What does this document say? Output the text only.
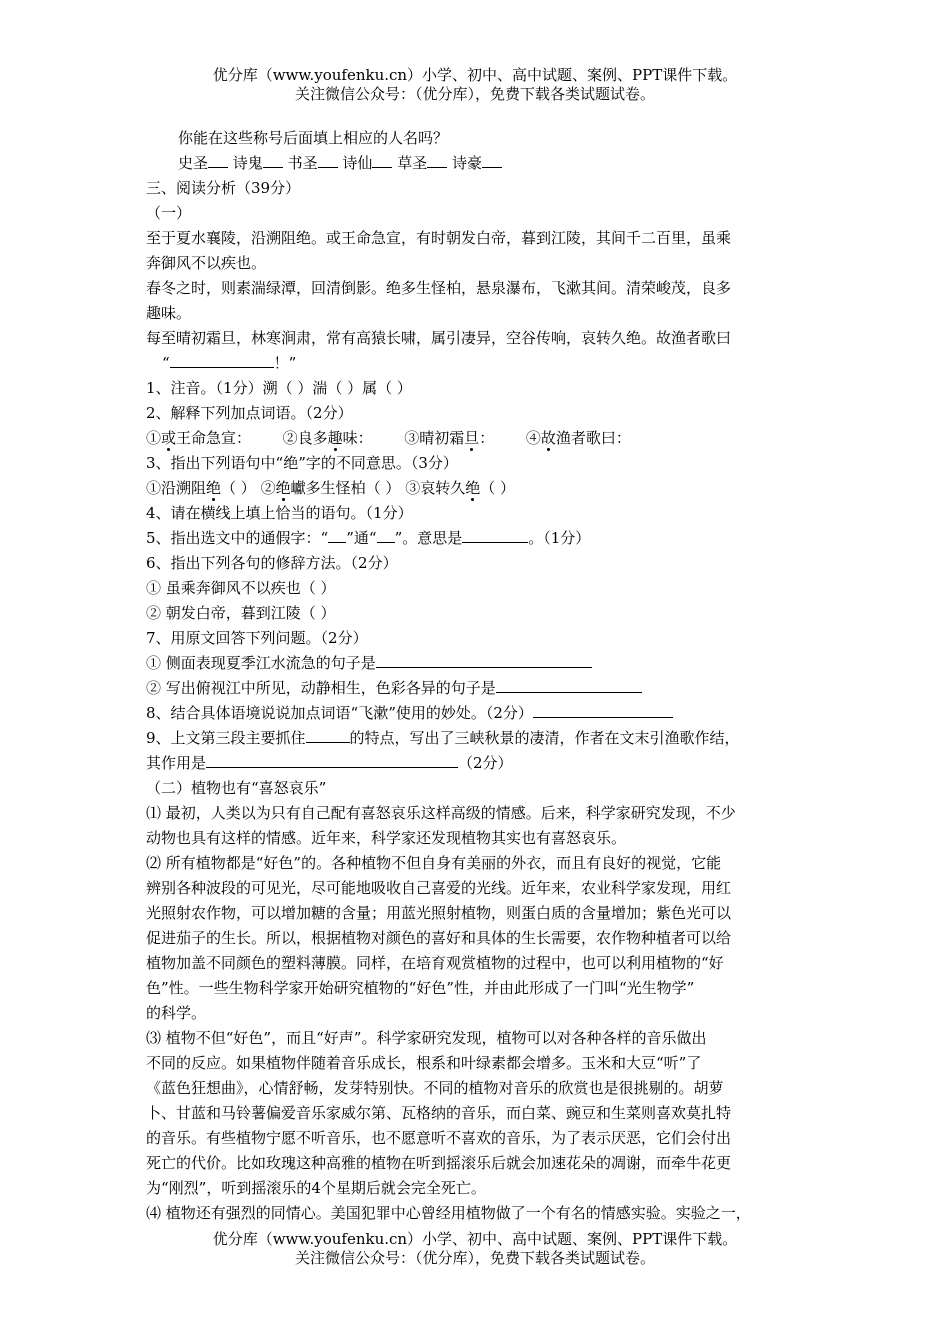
优分库（www.youfenku.cn）小学、初中、高中试题、案例、PPT课件下载。
关注微信公众号：（优分库），免费下载各类试题试卷。
你能在这些称号后面填上相应的人名吗？
史圣 诗鬼 书圣 诗仙 草圣 诗豪
三、阅读分析（39分）
（一）
至于夏水襄陵，沿溯阻绝。或王命急宣，有时朝发白帝，暮到江陵，其间千二百里，虽乘
奔御风不以疾也。
春冬之时，则素湍绿潭，回清倒影。绝多生怪柏，悬泉瀑布，飞漱其间。清荣峻茂，良多
趣味。
每至晴初霜旦，林寒涧肃，常有高猿长啸，属引凄异，空谷传响，哀转久绝。故渔者歌曰
“	！”
1、注音。（1分）溯（ ）湍（ ）属（ ）
2、解释下列加点词语。（2分）
①或王命急宣： ②良多趣味： ③晴初霜旦： ④故渔者歌曰：
3、指出下列语句中“绝”字的不同意思。（3分）
①沿溯阻绝（ ） ②绝巘多生怪柏（ ） ③哀转久绝（ ）
4、请在横线上填上恰当的语句。（1分）
5、指出选文中的通假字：“ ”通“ ”。意思是	。（1分）
6、指出下列各句的修辞方法。（2分）
① 虽乘奔御风不以疾也（ ）
② 朝发白帝，暮到江陵（ ）
7、用原文回答下列问题。（2分）
① 侧面表现夏季江水流急的句子是
② 写出俯视江中所见，动静相生，色彩各异的句子是
8、结合具体语境说说加点词语“飞漱”使用的妙处。（2分）
9、上文第三段主要抓住	的特点，写出了三峡秋景的凄清，作者在文末引渔歌作结，
其作用是	（2分）
（二）植物也有“喜怒哀乐”
⑴ 最初，人类以为只有自己配有喜怒哀乐这样高级的情感。后来，科学家研究发现，不少
动物也具有这样的情感。近年来，科学家还发现植物其实也有喜怒哀乐。
⑵ 所有植物都是“好色”的。各种植物不但自身有美丽的外衣，而且有良好的视觉，它能
辨别各种波段的可见光，尽可能地吸收自己喜爱的光线。近年来，农业科学家发现，用红
光照射农作物，可以增加糖的含量；用蓝光照射植物，则蛋白质的含量增加；紫色光可以
促进茄子的生长。所以，根据植物对颜色的喜好和具体的生长需要，农作物种植者可以给
植物加盖不同颜色的塑料薄膜。同样，在培育观赏植物的过程中，也可以利用植物的“好
色”性。一些生物科学家开始研究植物的“好色”性，并由此形成了一门叫“光生物学”
的科学。
⑶ 植物不但“好色”，而且“好声”。科学家研究发现，植物可以对各种各样的音乐做出
不同的反应。如果植物伴随着音乐成长，根系和叶绿素都会增多。玉米和大豆“听”了
《蓝色狂想曲》，心情舒畅，发芽特别快。不同的植物对音乐的欣赏也是很挑剔的。胡萝
卜、甘蓝和马铃薯偏爱音乐家威尔第、瓦格纳的音乐，而白菜、豌豆和生菜则喜欢莫扎特
的音乐。有些植物宁愿不听音乐，也不愿意听不喜欢的音乐，为了表示厌恶，它们会付出
死亡的代价。比如玫瑰这种高雅的植物在听到摇滚乐后就会加速花朵的凋谢，而牵牛花更
为“刚烈”，听到摇滚乐的4个星期后就会完全死亡。
⑷ 植物还有强烈的同情心。美国犯罪中心曾经用植物做了一个有名的情感实验。实验之一，
优分库（www.youfenku.cn）小学、初中、高中试题、案例、PPT课件下载。
关注微信公众号：（优分库），免费下载各类试题试卷。
